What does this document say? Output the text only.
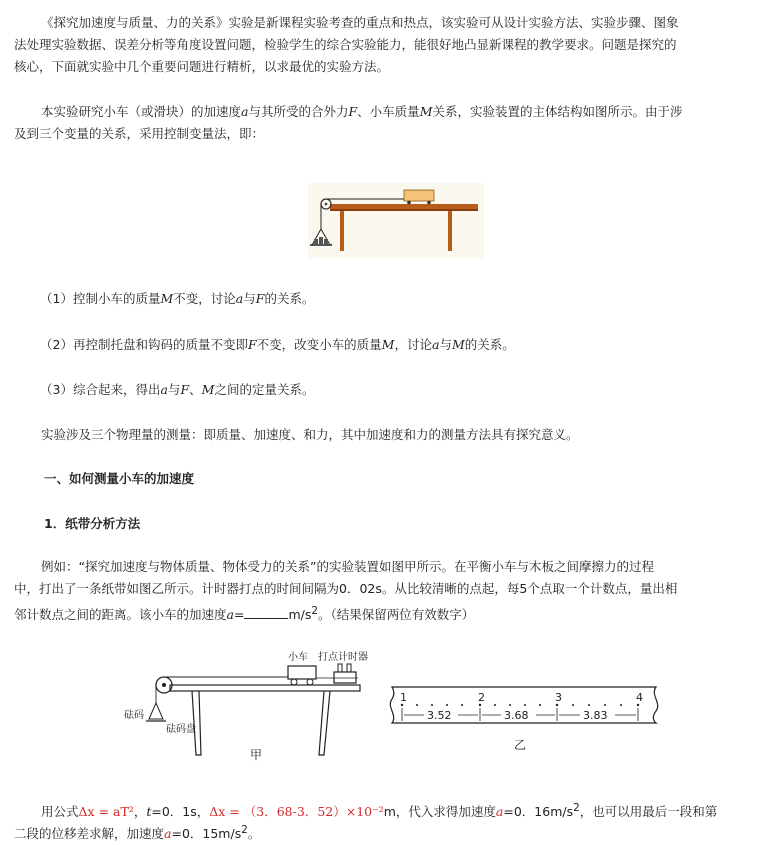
《探究加速度与质量、力的关系》实验是新课程实验考查的重点和热点，该实验可从设计实验方法、实验步骤、图象

法处理实验数据、误差分析等角度设置问题，检验学生的综合实验能力，能很好地凸显新课程的教学要求。问题是探究的

核心，下面就实验中几个重要问题进行精析，以求最优的实验方法。

本实验研究小车（或滑块）的加速度a与其所受的合外力F、小车质量M关系，实验装置的主体结构如图所示。由于涉

及到三个变量的关系，采用控制变量法，即：

（1）控制小车的质量M不变，讨论a与F的关系。

（2）再控制托盘和钩码的质量不变即F不变，改变小车的质量M，讨论a与M的关系。

（3）综合起来，得出a与F、M之间的定量关系。

实验涉及三个物理量的测量：即质量、加速度、和力，其中加速度和力的测量方法具有探究意义。

一、如何测量小车的加速度

1．纸带分析方法

例如：“探究加速度与物体质量、物体受力的关系”的实验装置如图甲所示。在平衡小车与木板之间摩擦力的过程

中，打出了一条纸带如图乙所示。计时器打点的时间间隔为0．02s。从比较清晰的点起，每5个点取一个计数点，量出相

邻计数点之间的距离。该小车的加速度a=	$m/s^2$。（结果保留两位有效数字）

小车 打点计时器
砝码
砝码盘
甲
1	2	3	4
3.52	3.68	3.83
乙

用公式Δx = aT²，t=0．1s，Δx = （3．68-3．52）×10⁻²m，代入求得加速度a=0．$16m/s^2$，也可以用最后一段和第

二段的位移差求解，加速度a=0．$15m/s^2$。
